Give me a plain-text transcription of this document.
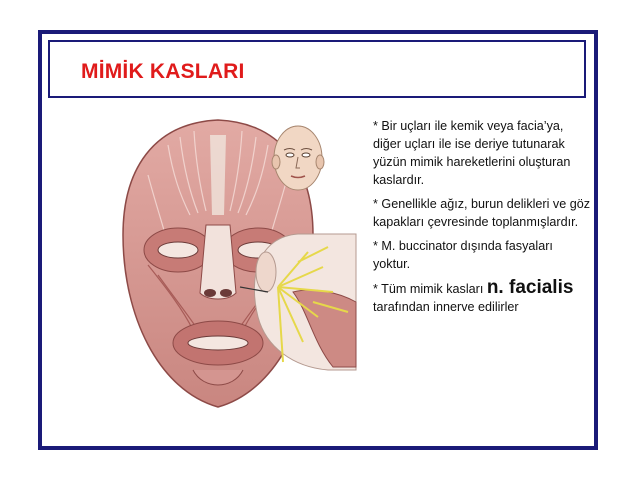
MİMİK KASLARI

* Bir uçları ile kemik veya facia’ya, diğer uçları ile ise deriye tutunarak yüzün mimik hareketlerini oluşturan kaslardır.

* Genellikle ağız, burun delikleri ve göz kapakları çevresinde toplanmışlardır.

* M. buccinator dışında fasyaları yoktur.

* Tüm mimik kasları n. facialis tarafından innerve edilirler
